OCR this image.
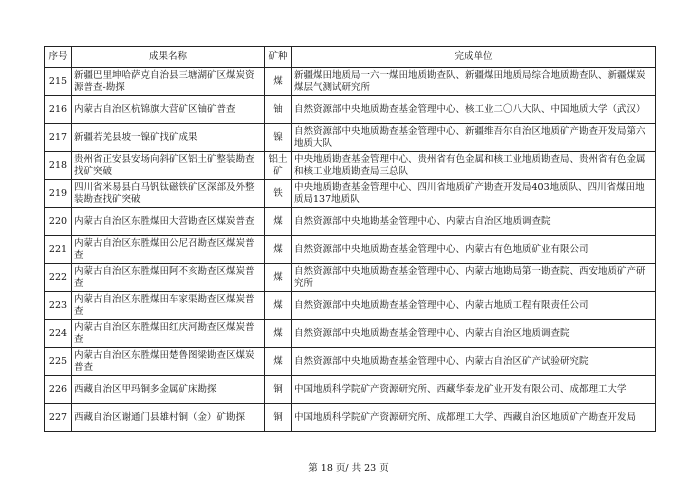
序号	成果名称	矿种	完成单位
215	新疆巴里坤哈萨克自治县三塘湖矿区煤炭资源普查-勘探	煤	新疆煤田地质局一六一煤田地质勘查队、新疆煤田地质局综合地质勘查队、新疆煤炭煤层气测试研究所
216	内蒙古自治区杭锦旗大营矿区铀矿普查	铀	自然资源部中央地质勘查基金管理中心、核工业二〇八大队、中国地质大学（武汉）
217	新疆若羌县坡一镍矿找矿成果	镍	自然资源部中央地质勘查基金管理中心、新疆维吾尔自治区地质矿产勘查开发局第六地质大队
218	贵州省正安县安场向斜矿区铝土矿整装勘查找矿突破	铝土矿	中央地质勘查基金管理中心、贵州省有色金属和核工业地质勘查局、贵州省有色金属和核工业地质勘查局三总队
219	四川省米易县白马钒钛磁铁矿区深部及外整装勘查找矿突破	铁	中央地质勘查基金管理中心、四川省地质矿产勘查开发局403地质队、四川省煤田地质局137地质队
220	内蒙古自治区东胜煤田大营勘查区煤炭普查	煤	自然资源部中央地勘基金管理中心、内蒙古自治区地质调查院
221	内蒙古自治区东胜煤田公尼召勘查区煤炭普查	煤	自然资源部中央地质勘查基金管理中心、内蒙古有色地质矿业有限公司
222	内蒙古自治区东胜煤田阿不亥勘查区煤炭普查	煤	自然资源部中央地质勘查基金管理中心、内蒙古地勘局第一勘查院、西安地质矿产研究所
223	内蒙古自治区东胜煤田车家渠勘查区煤炭普查	煤	自然资源部中央地质勘查基金管理中心、内蒙古地质工程有限责任公司
224	内蒙古自治区东胜煤田红庆河勘查区煤炭普查	煤	自然资源部中央地质勘查基金管理中心、内蒙古自治区地质调查院
225	内蒙古自治区东胜煤田楚鲁图梁勘查区煤炭普查	煤	自然资源部中央地质勘查基金管理中心、内蒙古自治区矿产试验研究院
226	西藏自治区甲玛铜多金属矿床勘探	铜	中国地质科学院矿产资源研究所、西藏华泰龙矿业开发有限公司、成都理工大学
227	西藏自治区谢通门县雄村铜（金）矿勘探	铜	中国地质科学院矿产资源研究所、成都理工大学、西藏自治区地质矿产勘查开发局
第 18 页/ 共 23 页
